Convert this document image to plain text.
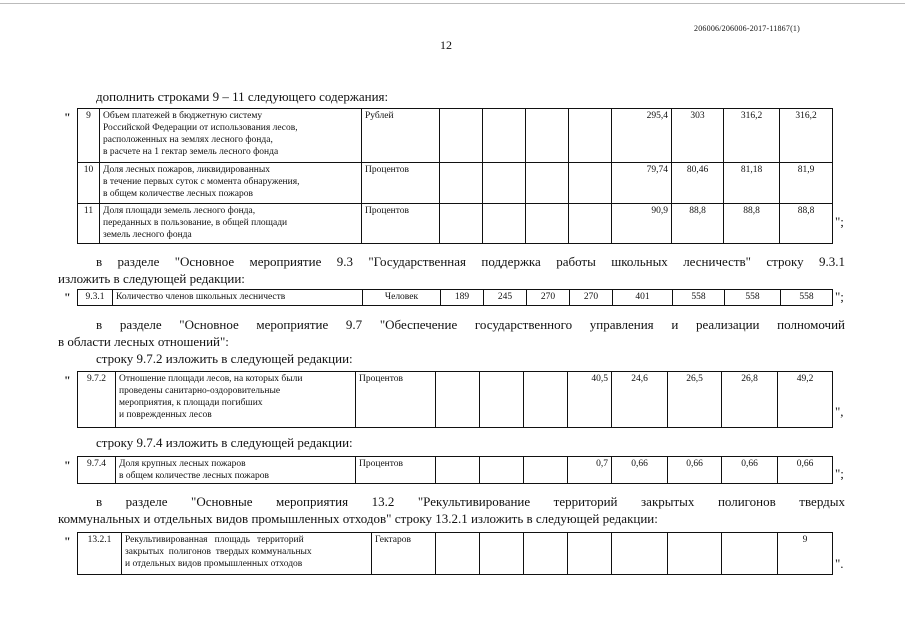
206006/206006-2017-11867(1)
12
дополнить строками 9 – 11 следующего содержания:
" 9	Объем платежей в бюджетную систему
Российской Федерации от использования лесов,
расположенных на землях лесного фонда,
в расчете на 1 гектар земель лесного фонда	Рублей					295,4	303	316,2	316,2
10	Доля лесных пожаров, ликвидированных
в течение первых суток с момента обнаружения,
в общем количестве лесных пожаров	Процентов					79,74	80,46	81,18	81,9
11	Доля площади земель лесного фонда,
переданных в пользование, в общей площади
земель лесного фонда	Процентов					90,9	88,8	88,8	88,8
";
в разделе "Основное мероприятие 9.3 "Государственная поддержка работы школьных лесничеств" строку 9.3.1
изложить в следующей редакции:
" 9.3.1	Количество членов школьных лесничеств	Человек	189	245	270	270	401	558	558	558 ";
в разделе "Основное мероприятие 9.7 "Обеспечение государственного управления и реализации полномочий
в области лесных отношений":
строку 9.7.2 изложить в следующей редакции:
" 9.7.2	Отношение площади лесов, на которых были
проведены санитарно-оздоровительные
мероприятия, к площади погибших
и поврежденных лесов
	Процентов				40,5	24,6	26,5	26,8	49,2
",
строку 9.7.4 изложить в следующей редакции:
" 9.7.4	Доля крупных лесных пожаров
в общем количестве лесных пожаров
	Процентов				0,7	0,66	0,66	0,66	0,66
";
в разделе "Основные мероприятия 13.2 "Рекультивирование территорий закрытых полигонов твердых
коммунальных и отдельных видов промышленных отходов" строку 13.2.1 изложить в следующей редакции:
" 13.2.1	Рекультивированная   площадь   территорий
закрытых  полигонов  твердых коммунальных
и отдельных видов промышленных отходов
	Гектаров								9
".
